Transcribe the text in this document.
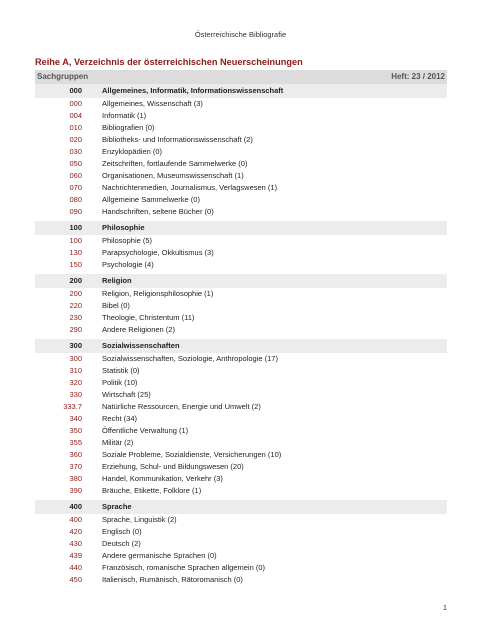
Österreichische Bibliografie
Reihe A, Verzeichnis der österreichischen Neuerscheinungen
Sachgruppen	Heft: 23 / 2012
000	Allgemeines, Informatik, Informationswissenschaft
000	Allgemeines, Wissenschaft (3)
004	Informatik (1)
010	Bibliografien (0)
020	Bibliotheks- und Informationswissenschaft (2)
030	Enzyklopädien (0)
050	Zeitschriften, fortlaufende Sammelwerke (0)
060	Organisationen, Museumswissenschaft (1)
070	Nachrichtenmedien, Journalismus, Verlagswesen (1)
080	Allgemeine Sammelwerke (0)
090	Handschriften, seltene Bücher (0)
100	Philosophie
100	Philosophie (5)
130	Parapsychologie, Okkultismus (3)
150	Psychologie (4)
200	Religion
200	Religion, Religionsphilosophie (1)
220	Bibel (0)
230	Theologie, Christentum (11)
290	Andere Religionen (2)
300	Sozialwissenschaften
300	Sozialwissenschaften, Soziologie, Anthropologie (17)
310	Statistik (0)
320	Politik (10)
330	Wirtschaft (25)
333.7	Natürliche Ressourcen, Energie und Umwelt (2)
340	Recht (34)
350	Öffentliche Verwaltung (1)
355	Militär (2)
360	Soziale Probleme, Sozialdienste, Versicherungen (10)
370	Erziehung, Schul- und Bildungswesen (20)
380	Handel, Kommunikation, Verkehr (3)
390	Bräuche, Etikette, Folklore (1)
400	Sprache
400	Sprache, Linguistik (2)
420	Englisch (0)
430	Deutsch (2)
439	Andere germanische Sprachen (0)
440	Französisch, romanische Sprachen allgemein (0)
450	Italienisch, Rumänisch, Rätoromanisch (0)
1
